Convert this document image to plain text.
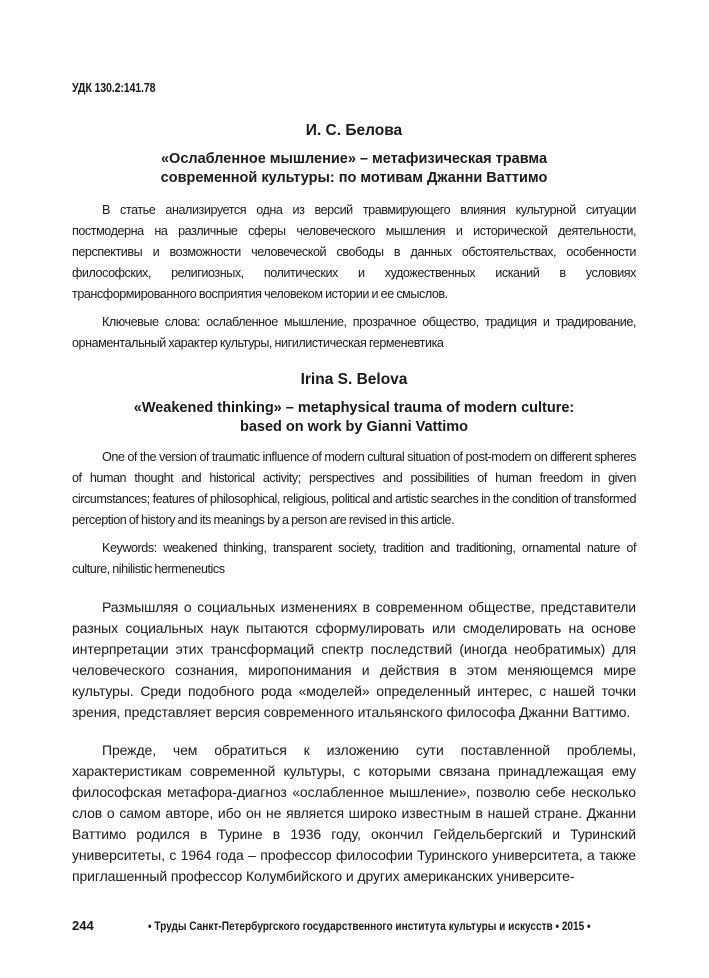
УДК 130.2:141.78
И. С. Белова
«Ослабленное мышление» – метафизическая травма
современной культуры: по мотивам Джанни Ваттимо
В статье анализируется одна из версий травмирующего влияния культурной ситуации постмодерна на различные сферы человеческого мышления и исторической деятельности, перспективы и возможности человеческой свободы в данных обстоятельствах, особенности философских, религиозных, политических и художественных исканий в условиях трансформированного восприятия человеком истории и ее смыслов.
Ключевые слова: ослабленное мышление, прозрачное общество, традиция и традирование, орнаментальный характер культуры, нигилистическая герменевтика
Irina S. Belova
«Weakened thinking» – metaphysical trauma of modern culture:
based on work by Gianni Vattimo
One of the version of traumatic influence of modern cultural situation of post-modern on different spheres of human thought and historical activity; perspectives and possibilities of human freedom in given circumstances; features of philosophical, religious, political and artistic searches in the condition of transformed perception of history and its meanings by a person are revised in this article.
Keywords: weakened thinking, transparent society, tradition and traditioning, ornamental nature of culture, nihilistic hermeneutics
Размышляя о социальных изменениях в современном обществе, представители разных социальных наук пытаются сформулировать или смоделировать на основе интерпретации этих трансформаций спектр последствий (иногда необратимых) для человеческого сознания, миропонимания и действия в этом меняющемся мире культуры. Среди подобного рода «моделей» определенный интерес, с нашей точки зрения, представляет версия современного итальянского философа Джанни Ваттимо.
Прежде, чем обратиться к изложению сути поставленной проблемы, характеристикам современной культуры, с которыми связана принадлежащая ему философская метафора-диагноз «ослабленное мышление», позволю себе несколько слов о самом авторе, ибо он не является широко известным в нашей стране. Джанни Ваттимо родился в Турине в 1936 году, окончил Гейдельбергский и Туринский университеты, с 1964 года – профессор философии Туринского университета, а также приглашенный профессор Колумбийского и других американских университе-
244	• Труды Санкт-Петербургского государственного института культуры и искусств • 2015 •
